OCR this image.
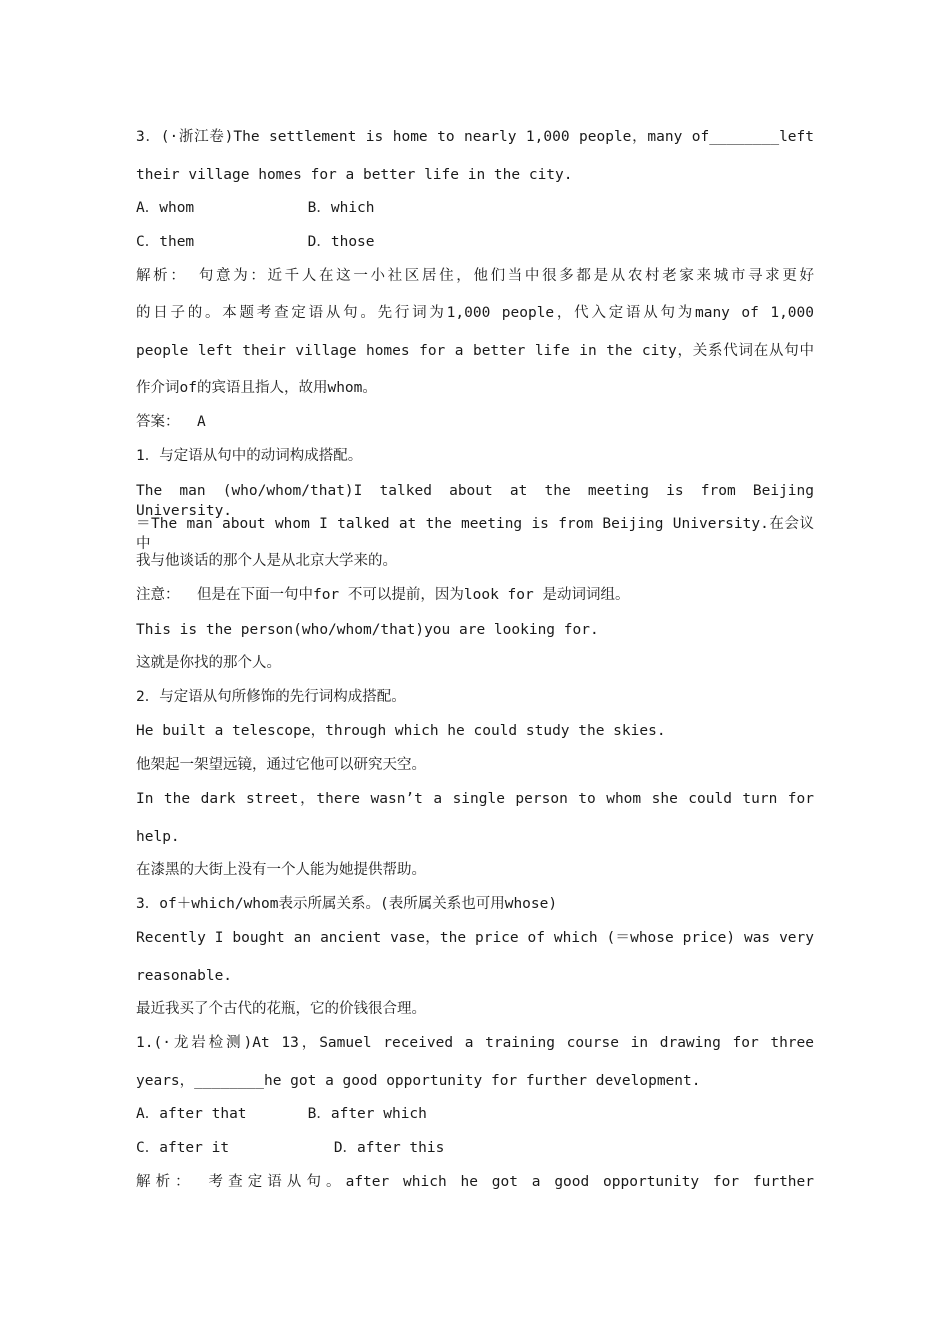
3．(·浙江卷)The settlement is home to nearly 1,000 people，many of________left
their village homes for a better life in the city.
A．whom             B．which
C．them             D．those
解析： 句意为：近千人在这一小社区居住，他们当中很多都是从农村老家来城市寻求更好
的日子的。本题考查定语从句。先行词为1,000 people，代入定语从句为many of 1,000
people left their village homes for a better life in the city，关系代词在从句中
作介词of的宾语且指人，故用whom。
答案：  A
1．与定语从句中的动词构成搭配。
The man (who/whom/that)I talked about at the meeting is from Beijing University.
＝The man about whom I talked at the meeting is from Beijing University.在会议中
我与他谈话的那个人是从北京大学来的。
注意：  但是在下面一句中for 不可以提前，因为look for 是动词词组。
This is the person(who/whom/that)you are looking for.
这就是你找的那个人。
2．与定语从句所修饰的先行词构成搭配。
He built a telescope，through which he could study the skies.
他架起一架望远镜，通过它他可以研究天空。
In the dark street，there wasn’t a single person to whom she could turn for
help.
在漆黑的大街上没有一个人能为她提供帮助。
3．of＋which/whom表示所属关系。(表所属关系也可用whose)
Recently I bought an ancient vase，the price of which (＝whose price) was very
reasonable.
最近我买了个古代的花瓶，它的价钱很合理。
1.(·龙岩检测)At 13，Samuel received a training course in drawing for three
years，________he got a good opportunity for further development.
A．after that       B．after which
C．after it            D．after this
解析： 考查定语从句。after which he got a good opportunity for further
